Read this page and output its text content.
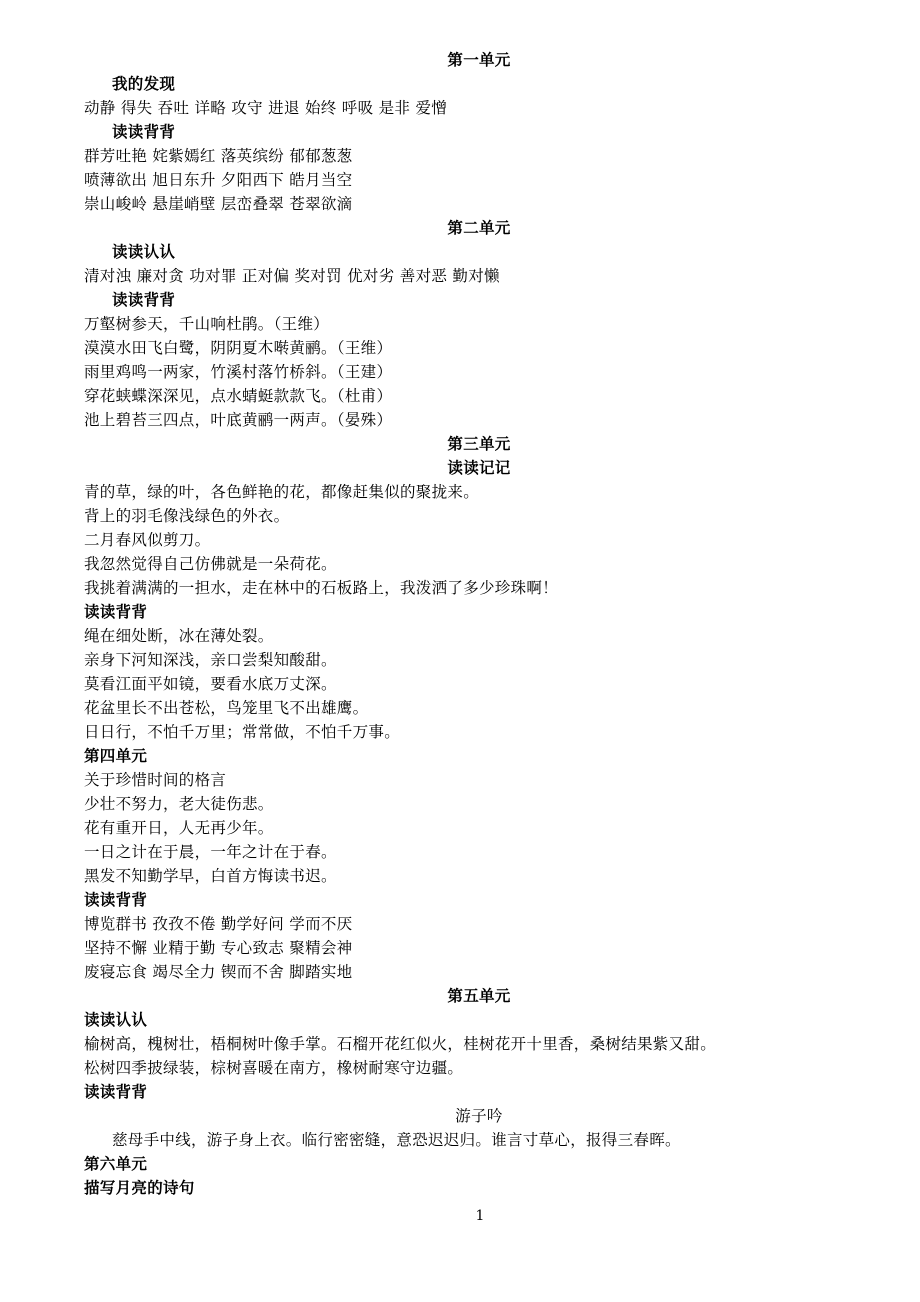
第一单元
我的发现
动静 得失 吞吐 详略 攻守 进退 始终 呼吸 是非 爱憎
读读背背
群芳吐艳 姹紫嫣红 落英缤纷 郁郁葱葱
喷薄欲出 旭日东升 夕阳西下 皓月当空
崇山峻岭 悬崖峭壁 层峦叠翠 苍翠欲滴
第二单元
读读认认
清对浊 廉对贪 功对罪 正对偏 奖对罚 优对劣 善对恶 勤对懒
读读背背
万壑树参天，千山响杜鹃。（王维）
漠漠水田飞白鹭，阴阴夏木啭黄鹂。（王维）
雨里鸡鸣一两家，竹溪村落竹桥斜。（王建）
穿花蛱蝶深深见，点水蜻蜓款款飞。（杜甫）
池上碧苔三四点，叶底黄鹂一两声。（晏殊）
第三单元
读读记记
青的草，绿的叶，各色鲜艳的花，都像赶集似的聚拢来。
背上的羽毛像浅绿色的外衣。
二月春风似剪刀。
我忽然觉得自己仿佛就是一朵荷花。
我挑着满满的一担水，走在林中的石板路上，我泼洒了多少珍珠啊！
读读背背
绳在细处断，冰在薄处裂。
亲身下河知深浅，亲口尝梨知酸甜。
莫看江面平如镜，要看水底万丈深。
花盆里长不出苍松，鸟笼里飞不出雄鹰。
日日行，不怕千万里；常常做，不怕千万事。
第四单元
关于珍惜时间的格言
少壮不努力，老大徒伤悲。
花有重开日，人无再少年。
一日之计在于晨，一年之计在于春。
黑发不知勤学早，白首方悔读书迟。
读读背背
博览群书 孜孜不倦 勤学好问 学而不厌
坚持不懈 业精于勤 专心致志 聚精会神
废寝忘食 竭尽全力 锲而不舍 脚踏实地
第五单元
读读认认
榆树高，槐树壮，梧桐树叶像手掌。石榴开花红似火，桂树花开十里香，桑树结果紫又甜。
松树四季披绿装，棕树喜暖在南方，橡树耐寒守边疆。
读读背背
游子吟
慈母手中线，游子身上衣。临行密密缝，意恐迟迟归。谁言寸草心，报得三春晖。
第六单元
描写月亮的诗句
1
